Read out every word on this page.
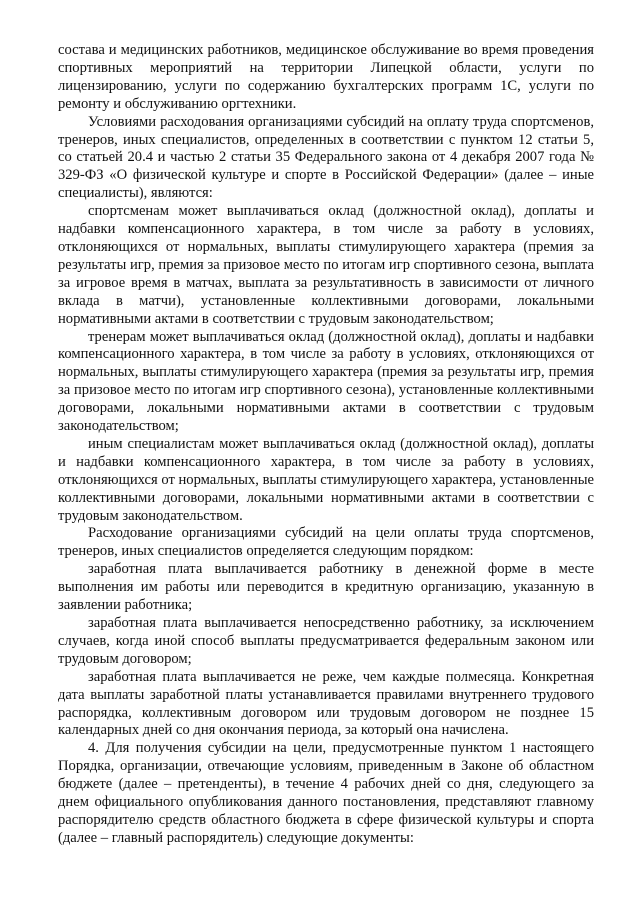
состава и медицинских работников, медицинское обслуживание во время проведения спортивных мероприятий на территории Липецкой области, услуги по лицензированию, услуги по содержанию бухгалтерских программ 1С, услуги по ремонту и обслуживанию оргтехники.

Условиями расходования организациями субсидий на оплату труда спортсменов, тренеров, иных специалистов, определенных в соответствии с пунктом 12 статьи 5, со статьей 20.4 и частью 2 статьи 35 Федерального закона от 4 декабря 2007 года № 329-ФЗ «О физической культуре и спорте в Российской Федерации» (далее – иные специалисты), являются:

спортсменам может выплачиваться оклад (должностной оклад), доплаты и надбавки компенсационного характера, в том числе за работу в условиях, отклоняющихся от нормальных, выплаты стимулирующего характера (премия за результаты игр, премия за призовое место по итогам игр спортивного сезона, выплата за игровое время в матчах, выплата за результативность в зависимости от личного вклада в матчи), установленные коллективными договорами, локальными нормативными актами в соответствии с трудовым законодательством;

тренерам может выплачиваться оклад (должностной оклад), доплаты и надбавки компенсационного характера, в том числе за работу в условиях, отклоняющихся от нормальных, выплаты стимулирующего характера (премия за результаты игр, премия за призовое место по итогам игр спортивного сезона), установленные коллективными договорами, локальными нормативными актами в соответствии с трудовым законодательством;

иным специалистам может выплачиваться оклад (должностной оклад), доплаты и надбавки компенсационного характера, в том числе за работу в условиях, отклоняющихся от нормальных, выплаты стимулирующего характера, установленные коллективными договорами, локальными нормативными актами в соответствии с трудовым законодательством.

Расходование организациями субсидий на цели оплаты труда спортсменов, тренеров, иных специалистов определяется следующим порядком:

заработная плата выплачивается работнику в денежной форме в месте выполнения им работы или переводится в кредитную организацию, указанную в заявлении работника;

заработная плата выплачивается непосредственно работнику, за исключением случаев, когда иной способ выплаты предусматривается федеральным законом или трудовым договором;

заработная плата выплачивается не реже, чем каждые полмесяца. Конкретная дата выплаты заработной платы устанавливается правилами внутреннего трудового распорядка, коллективным договором или трудовым договором не позднее 15 календарных дней со дня окончания периода, за который она начислена.

4. Для получения субсидии на цели, предусмотренные пунктом 1 настоящего Порядка, организации, отвечающие условиям, приведенным в Законе об областном бюджете (далее – претенденты), в течение 4 рабочих дней со дня, следующего за днем официального опубликования данного постановления, представляют главному распорядителю средств областного бюджета в сфере физической культуры и спорта (далее – главный распорядитель) следующие документы:
